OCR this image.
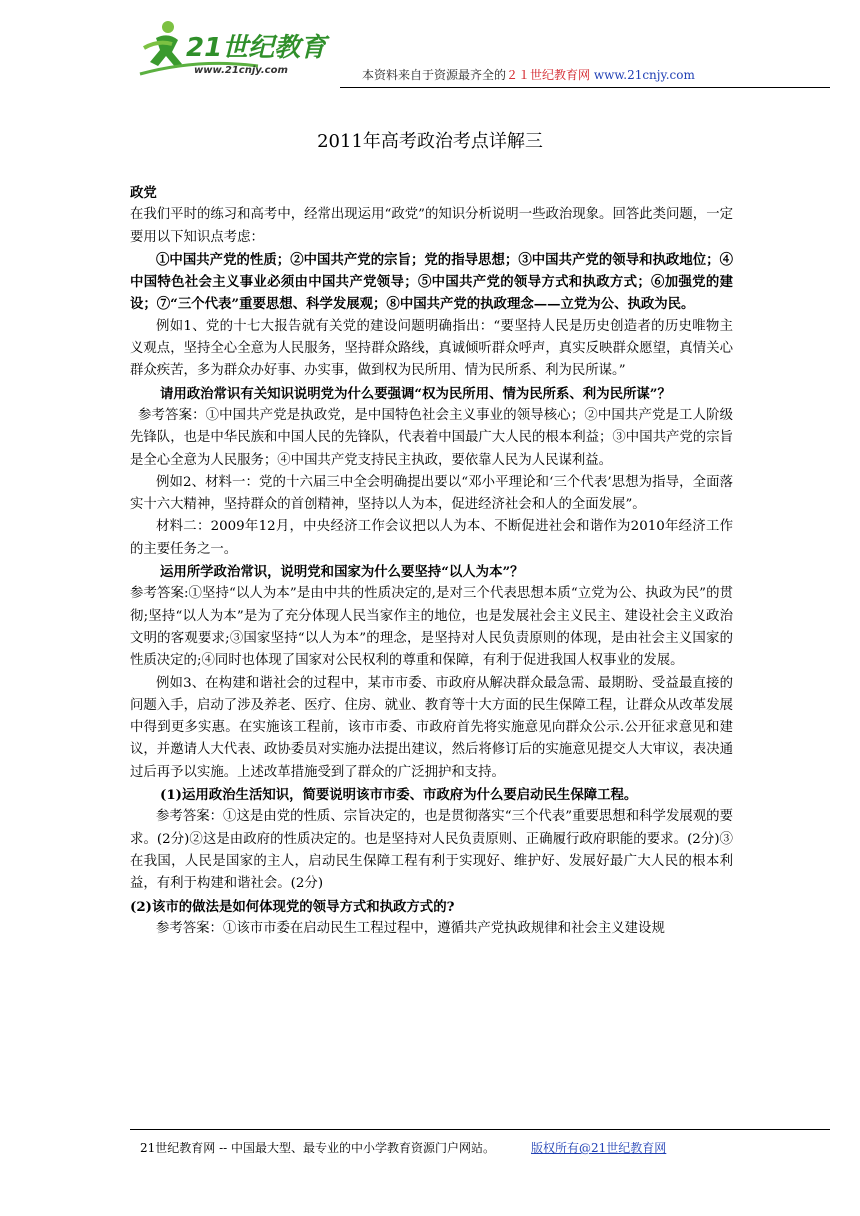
21世纪教育
www.21cnjy.com	本资料来自于资源最齐全的２１世纪教育网 www.21cnjy.com
2011年高考政治考点详解三

政党

在我们平时的练习和高考中，经常出现运用“政党”的知识分析说明一些政治现象。回答此类问题，一定要用以下知识点考虑：

①中国共产党的性质；②中国共产党的宗旨；党的指导思想；③中国共产党的领导和执政地位；④中国特色社会主义事业必须由中国共产党领导；⑤中国共产党的领导方式和执政方式；⑥加强党的建设；⑦“三个代表”重要思想、科学发展观；⑧中国共产党的执政理念——立党为公、执政为民。

例如1、党的十七大报告就有关党的建设问题明确指出：“要坚持人民是历史创造者的历史唯物主义观点，坚持全心全意为人民服务，坚持群众路线，真诚倾听群众呼声，真实反映群众愿望，真情关心群众疾苦，多为群众办好事、办实事，做到权为民所用、情为民所系、利为民所谋。”

请用政治常识有关知识说明党为什么要强调“权为民所用、情为民所系、利为民所谋”？

参考答案：①中国共产党是执政党，是中国特色社会主义事业的领导核心；②中国共产党是工人阶级先锋队，也是中华民族和中国人民的先锋队，代表着中国最广大人民的根本利益；③中国共产党的宗旨是全心全意为人民服务；④中国共产党支持民主执政，要依靠人民为人民谋利益。

例如2、材料一：党的十六届三中全会明确提出要以“邓小平理论和‘三个代表’思想为指导，全面落实十六大精神，坚持群众的首创精神，坚持以人为本，促进经济社会和人的全面发展”。

材料二：2009年12月，中央经济工作会议把以人为本、不断促进社会和谐作为2010年经济工作的主要任务之一。

运用所学政治常识，说明党和国家为什么要坚持“以人为本”？

参考答案:①坚持“以人为本”是由中共的性质决定的,是对三个代表思想本质“立党为公、执政为民”的贯彻;坚持“以人为本”是为了充分体现人民当家作主的地位，也是发展社会主义民主、建设社会主义政治文明的客观要求;③国家坚持“以人为本”的理念，是坚持对人民负责原则的体现，是由社会主义国家的性质决定的;④同时也体现了国家对公民权利的尊重和保障，有利于促进我国人权事业的发展。

例如3、在构建和谐社会的过程中，某市市委、市政府从解决群众最急需、最期盼、受益最直接的问题入手，启动了涉及养老、医疗、住房、就业、教育等十大方面的民生保障工程，让群众从改革发展中得到更多实惠。在实施该工程前，该市市委、市政府首先将实施意见向群众公示.公开征求意见和建议，并邀请人大代表、政协委员对实施办法提出建议，然后将修订后的实施意见提交人大审议，表决通过后再予以实施。上述改革措施受到了群众的广泛拥护和支持。

(1)运用政治生活知识，简要说明该市市委、市政府为什么要启动民生保障工程。

参考答案：①这是由党的性质、宗旨决定的，也是贯彻落实“三个代表”重要思想和科学发展观的要求。(2分)②这是由政府的性质决定的。也是坚持对人民负责原则、正确履行政府职能的要求。(2分)③在我国，人民是国家的主人，启动民生保障工程有利于实现好、维护好、发展好最广大人民的根本利益，有利于构建和谐社会。(2分)

(2)该市的做法是如何体现党的领导方式和执政方式的?

参考答案：①该市市委在启动民生工程过程中，遵循共产党执政规律和社会主义建设规

21世纪教育网 -- 中国最大型、最专业的中小学教育资源门户网站。	版权所有@21世纪教育网
